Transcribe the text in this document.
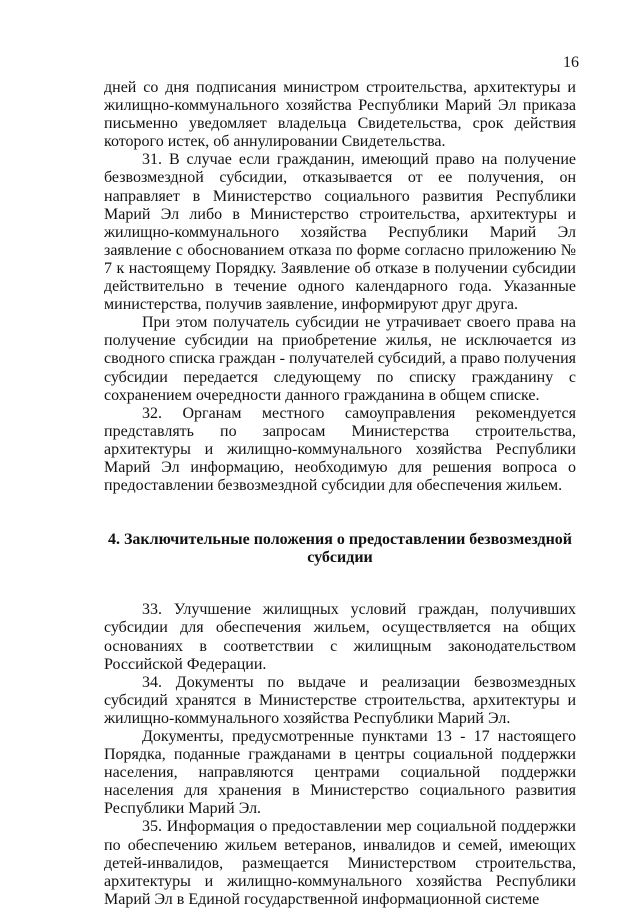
16

дней со дня подписания министром строительства, архитектуры и жилищно-коммунального хозяйства Республики Марий Эл приказа письменно уведомляет владельца Свидетельства, срок действия которого истек, об аннулировании Свидетельства.

31. В случае если гражданин, имеющий право на получение безвозмездной субсидии, отказывается от ее получения, он направляет в Министерство социального развития Республики Марий Эл либо в Министерство строительства, архитектуры и жилищно-коммунального хозяйства Республики Марий Эл заявление с обоснованием отказа по форме согласно приложению № 7 к настоящему Порядку. Заявление об отказе в получении субсидии действительно в течение одного календарного года. Указанные министерства, получив заявление, информируют друг друга.

При этом получатель субсидии не утрачивает своего права на получение субсидии на приобретение жилья, не исключается из сводного списка граждан - получателей субсидий, а право получения субсидии передается следующему по списку гражданину с сохранением очередности данного гражданина в общем списке.

32. Органам местного самоуправления рекомендуется представлять по запросам Министерства строительства, архитектуры и жилищно-коммунального хозяйства Республики Марий Эл информацию, необходимую для решения вопроса о предоставлении безвозмездной субсидии для обеспечения жильем.

4. Заключительные положения о предоставлении безвозмездной субсидии

33. Улучшение жилищных условий граждан, получивших субсидии для обеспечения жильем, осуществляется на общих основаниях в соответствии с жилищным законодательством Российской Федерации.

34. Документы по выдаче и реализации безвозмездных субсидий хранятся в Министерстве строительства, архитектуры и жилищно-коммунального хозяйства Республики Марий Эл.

Документы, предусмотренные пунктами 13 - 17 настоящего Порядка, поданные гражданами в центры социальной поддержки населения, направляются центрами социальной поддержки населения для хранения в Министерство социального развития Республики Марий Эл.

35. Информация о предоставлении мер социальной поддержки по обеспечению жильем ветеранов, инвалидов и семей, имеющих детей-инвалидов, размещается Министерством строительства, архитектуры и жилищно-коммунального хозяйства Республики Марий Эл в Единой государственной информационной системе
